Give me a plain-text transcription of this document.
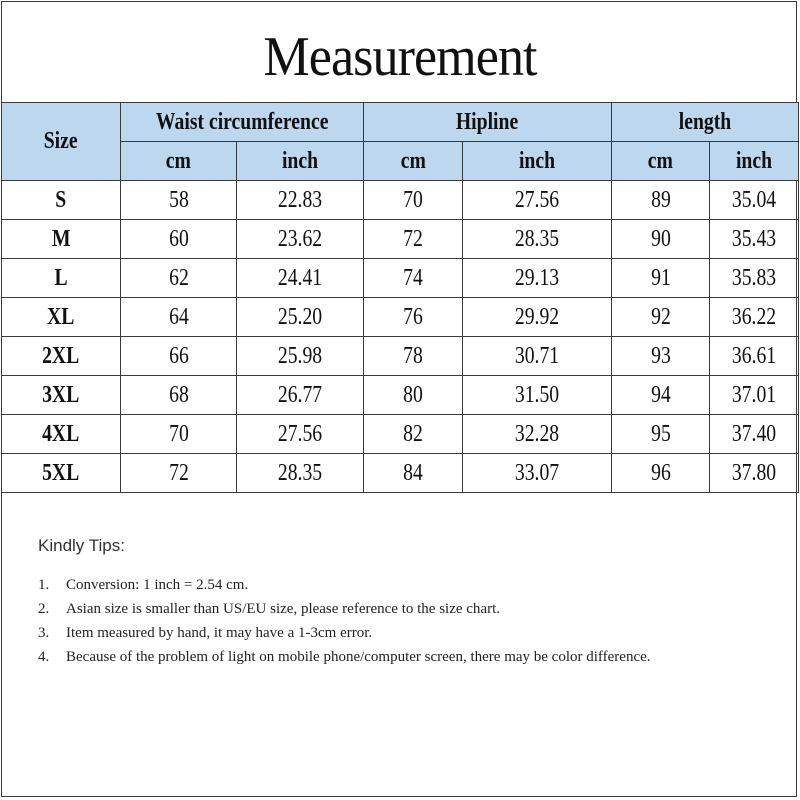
Measurement
Size	Waist circumference		Hipline		length	
	cm	inch	cm	inch	cm	inch
S	58	22.83	70	27.56	89	35.04
M	60	23.62	72	28.35	90	35.43
L	62	24.41	74	29.13	91	35.83
XL	64	25.20	76	29.92	92	36.22
2XL	66	25.98	78	30.71	93	36.61
3XL	68	26.77	80	31.50	94	37.01
4XL	70	27.56	82	32.28	95	37.40
5XL	72	28.35	84	33.07	96	37.80
Kindly Tips:
1.	Conversion: 1 inch = 2.54 cm.
2.	Asian size is smaller than US/EU size, please reference to the size chart.
3.	Item measured by hand, it may have a 1-3cm error.
4.	Because of the problem of light on mobile phone/computer screen, there may be color difference.
